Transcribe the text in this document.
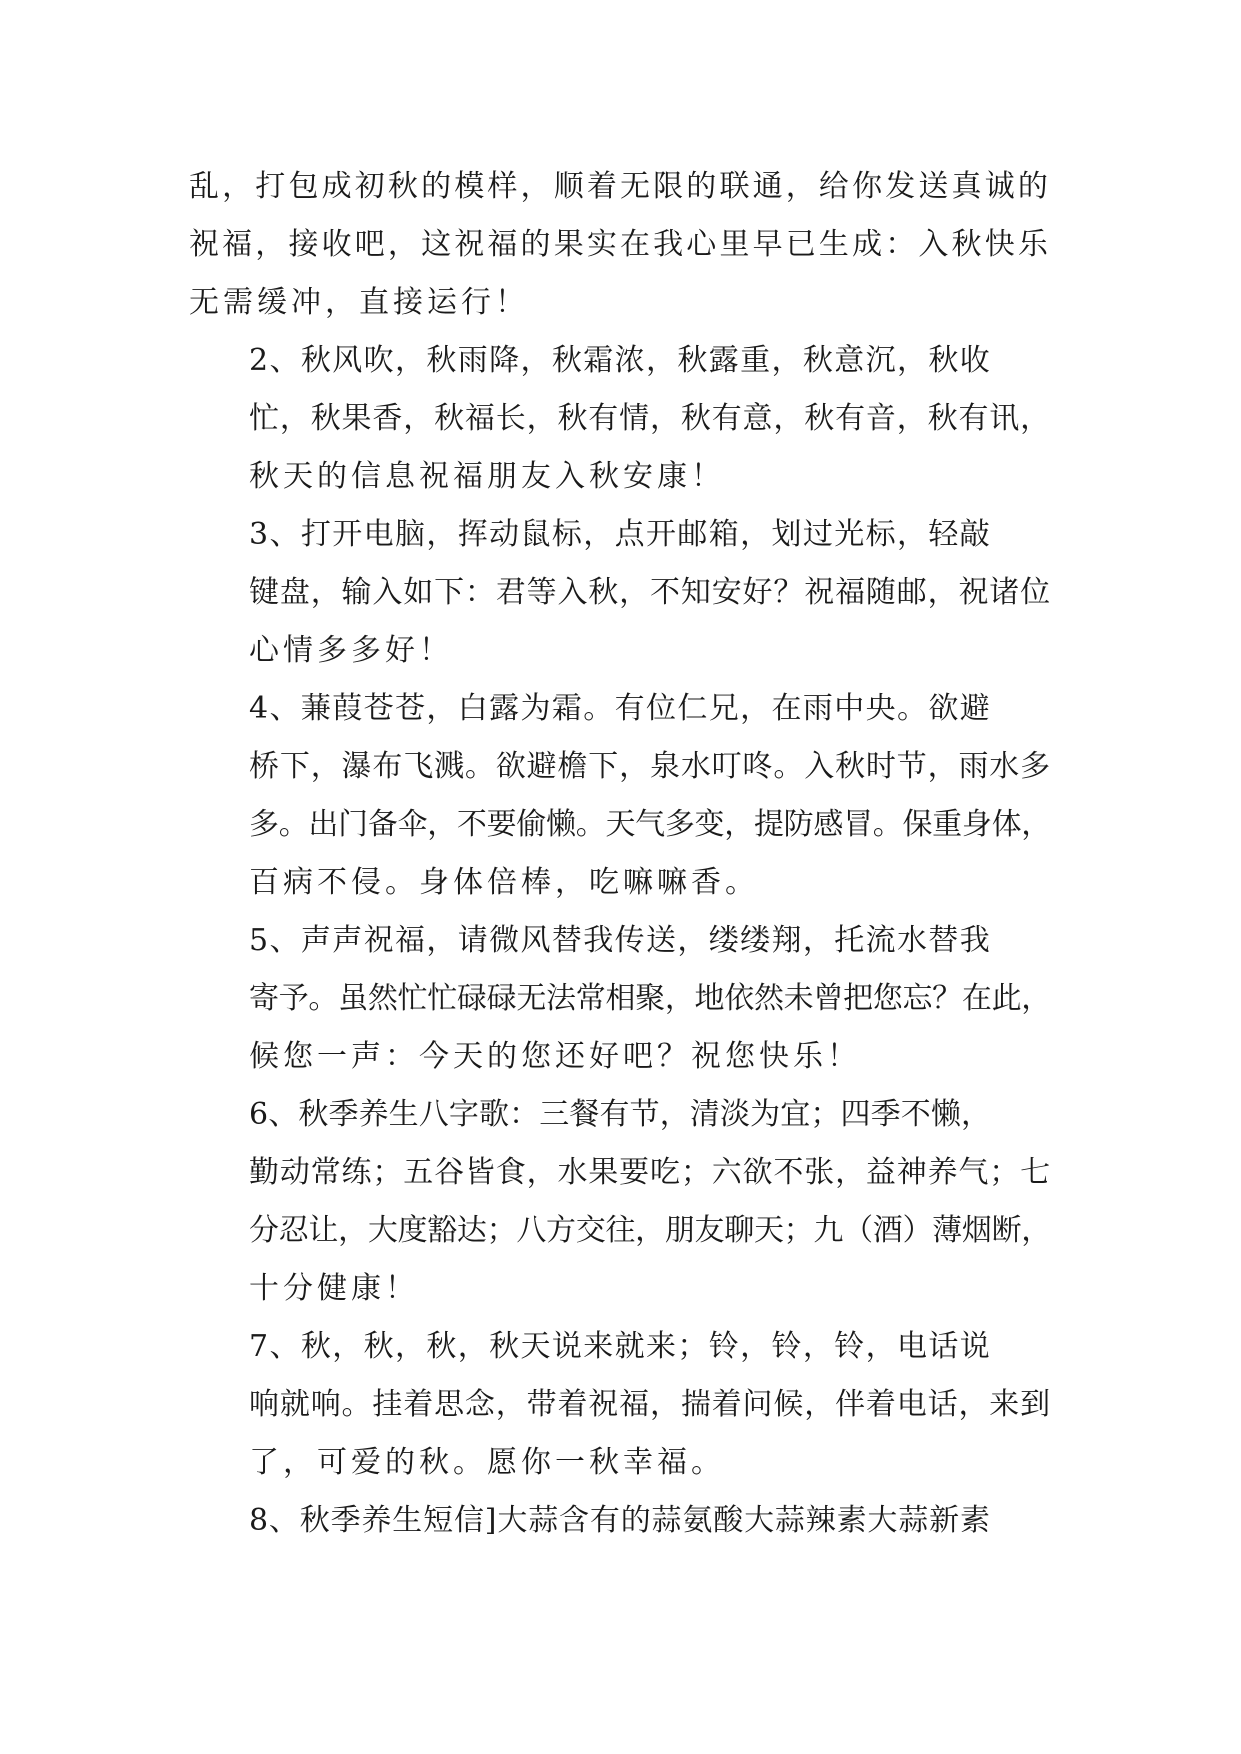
乱，打包成初秋的模样，顺着无限的联通，给你发送真诚的
祝福，接收吧，这祝福的果实在我心里早已生成：入秋快乐
无需缓冲，直接运行！

2、秋风吹，秋雨降，秋霜浓，秋露重，秋意沉，秋收
忙，秋果香，秋福长，秋有情，秋有意，秋有音，秋有讯，
秋天的信息祝福朋友入秋安康！

3、打开电脑，挥动鼠标，点开邮箱，划过光标，轻敲
键盘，输入如下：君等入秋，不知安好？祝福随邮，祝诸位
心情多多好！

4、蒹葭苍苍，白露为霜。有位仁兄，在雨中央。欲避
桥下，瀑布飞溅。欲避檐下，泉水叮咚。入秋时节，雨水多
多。出门备伞，不要偷懒。天气多变，提防感冒。保重身体，
百病不侵。身体倍棒，吃嘛嘛香。

5、声声祝福，请微风替我传送，缕缕翔，托流水替我
寄予。虽然忙忙碌碌无法常相聚，地依然未曾把您忘？在此，
候您一声：今天的您还好吧？祝您快乐！

6、秋季养生八字歌：三餐有节，清淡为宜；四季不懒，
勤动常练；五谷皆食，水果要吃；六欲不张，益神养气；七
分忍让，大度豁达；八方交往，朋友聊天；九（酒）薄烟断，
十分健康！

7、秋，秋，秋，秋天说来就来；铃，铃，铃，电话说
响就响。挂着思念，带着祝福，揣着问候，伴着电话，来到
了，可爱的秋。愿你一秋幸福。

8、秋季养生短信]大蒜含有的蒜氨酸大蒜辣素大蒜新素
